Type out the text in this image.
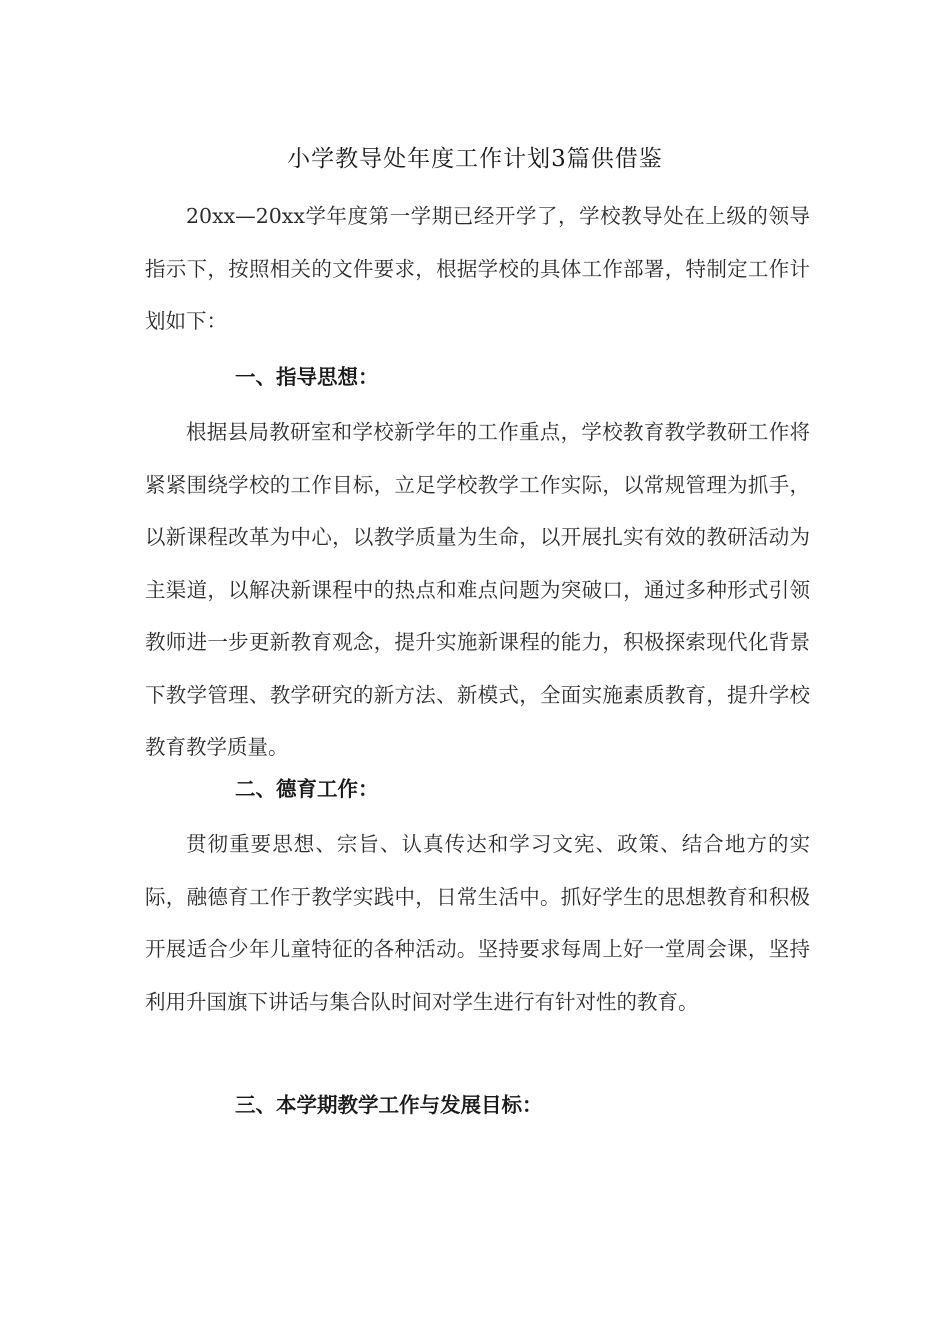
小学教导处年度工作计划3篇供借鉴
20xx—20xx学年度第一学期已经开学了，学校教导处在上级的领导指示下，按照相关的文件要求，根据学校的具体工作部署，特制定工作计划如下：
一、指导思想：
根据县局教研室和学校新学年的工作重点，学校教育教学教研工作将紧紧围绕学校的工作目标，立足学校教学工作实际，以常规管理为抓手，以新课程改革为中心，以教学质量为生命，以开展扎实有效的教研活动为主渠道，以解决新课程中的热点和难点问题为突破口，通过多种形式引领教师进一步更新教育观念，提升实施新课程的能力，积极探索现代化背景下教学管理、教学研究的新方法、新模式，全面实施素质教育，提升学校教育教学质量。
二、德育工作：
贯彻重要思想、宗旨、认真传达和学习文宪、政策、结合地方的实际，融德育工作于教学实践中，日常生活中。抓好学生的思想教育和积极开展适合少年儿童特征的各种活动。坚持要求每周上好一堂周会课，坚持利用升国旗下讲话与集合队时间对学生进行有针对性的教育。
三、本学期教学工作与发展目标：
